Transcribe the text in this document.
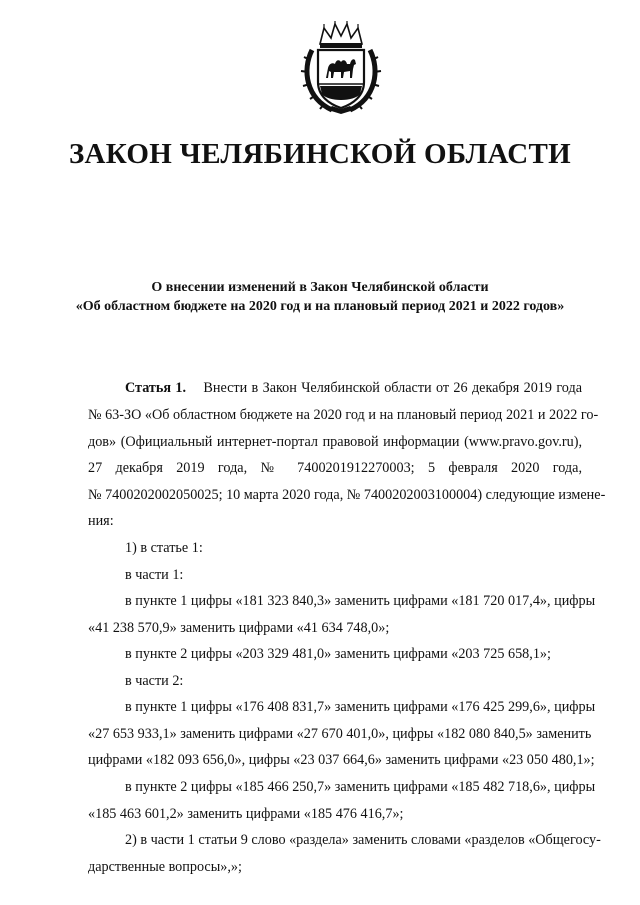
ЗАКОН ЧЕЛЯБИНСКОЙ ОБЛАСТИ
О внесении изменений в Закон Челябинской области
«Об областном бюджете на 2020 год и на плановый период 2021 и 2022 годов»
Статья 1. Внести в Закон Челябинской области от 26 декабря 2019 года
№ 63-ЗО «Об областном бюджете на 2020 год и на плановый период 2021 и 2022 го-
дов» (Официальный интернет-портал правовой информации (www.pravo.gov.ru),
27 декабря 2019 года, № 7400201912270003; 5 февраля 2020 года,
№ 7400202002050025; 10 марта 2020 года, № 7400202003100004) следующие измене-
ния:
1) в статье 1:
в части 1:
в пункте 1 цифры «181 323 840,3» заменить цифрами «181 720 017,4», цифры
«41 238 570,9» заменить цифрами «41 634 748,0»;
в пункте 2 цифры «203 329 481,0» заменить цифрами «203 725 658,1»;
в части 2:
в пункте 1 цифры «176 408 831,7» заменить цифрами «176 425 299,6», цифры
«27 653 933,1» заменить цифрами «27 670 401,0», цифры «182 080 840,5» заменить
цифрами «182 093 656,0», цифры «23 037 664,6» заменить цифрами «23 050 480,1»;
в пункте 2 цифры «185 466 250,7» заменить цифрами «185 482 718,6», цифры
«185 463 601,2» заменить цифрами «185 476 416,7»;
2) в части 1 статьи 9 слово «раздела» заменить словами «разделов «Общегосу-
дарственные вопросы»,»;
